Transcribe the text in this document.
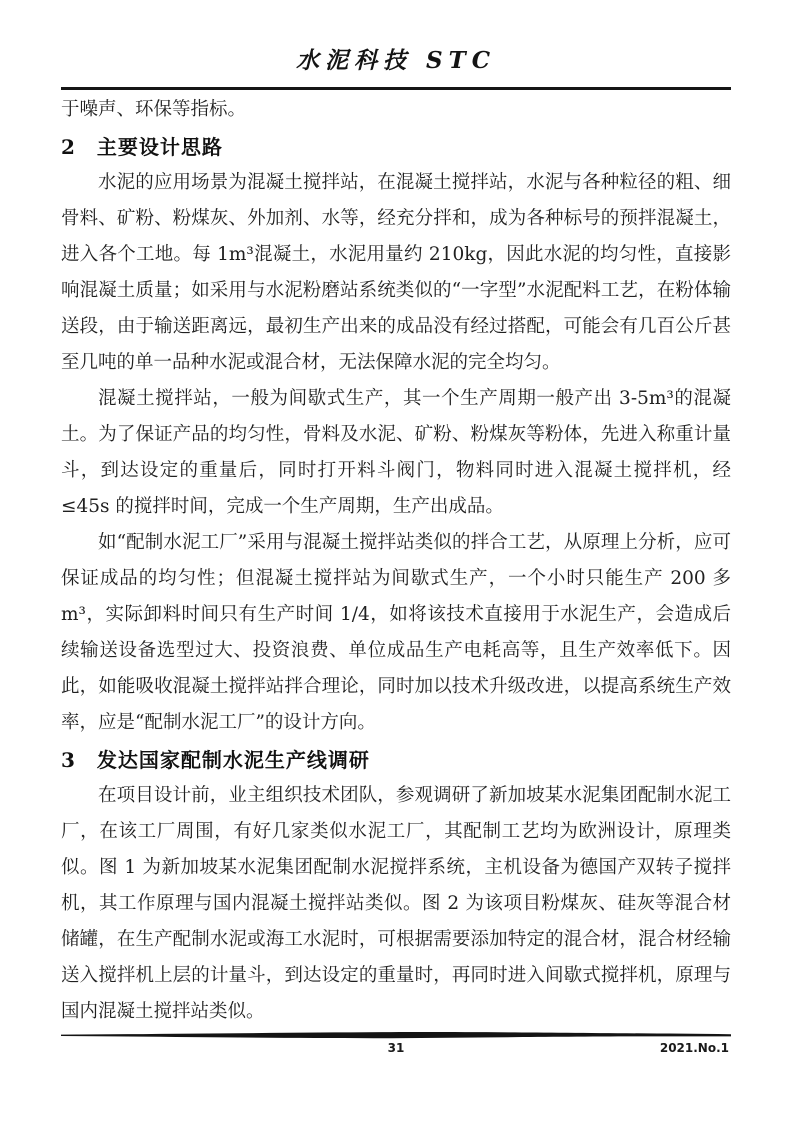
水泥科技 STC

于噪声、环保等指标。

2 主要设计思路

水泥的应用场景为混凝土搅拌站，在混凝土搅拌站，水泥与各种粒径的粗、细骨料、矿粉、粉煤灰、外加剂、水等，经充分拌和，成为各种标号的预拌混凝土，进入各个工地。每 1m³混凝土，水泥用量约 210kg，因此水泥的均匀性，直接影响混凝土质量；如采用与水泥粉磨站系统类似的“一字型”水泥配料工艺，在粉体输送段，由于输送距离远，最初生产出来的成品没有经过搭配，可能会有几百公斤甚至几吨的单一品种水泥或混合材，无法保障水泥的完全均匀。

混凝土搅拌站，一般为间歇式生产，其一个生产周期一般产出 3-5m³的混凝土。为了保证产品的均匀性，骨料及水泥、矿粉、粉煤灰等粉体，先进入称重计量斗，到达设定的重量后，同时打开料斗阀门，物料同时进入混凝土搅拌机，经≤45s 的搅拌时间，完成一个生产周期，生产出成品。

如“配制水泥工厂”采用与混凝土搅拌站类似的拌合工艺，从原理上分析，应可保证成品的均匀性；但混凝土搅拌站为间歇式生产，一个小时只能生产 200 多m³，实际卸料时间只有生产时间 1/4，如将该技术直接用于水泥生产，会造成后续输送设备选型过大、投资浪费、单位成品生产电耗高等，且生产效率低下。因此，如能吸收混凝土搅拌站拌合理论，同时加以技术升级改进，以提高系统生产效率，应是“配制水泥工厂”的设计方向。

3 发达国家配制水泥生产线调研

在项目设计前，业主组织技术团队，参观调研了新加坡某水泥集团配制水泥工厂，在该工厂周围，有好几家类似水泥工厂，其配制工艺均为欧洲设计，原理类似。图 1 为新加坡某水泥集团配制水泥搅拌系统，主机设备为德国产双转子搅拌机，其工作原理与国内混凝土搅拌站类似。图 2 为该项目粉煤灰、硅灰等混合材储罐，在生产配制水泥或海工水泥时，可根据需要添加特定的混合材，混合材经输送入搅拌机上层的计量斗，到达设定的重量时，再同时进入间歇式搅拌机，原理与国内混凝土搅拌站类似。

31	2021.No.1
